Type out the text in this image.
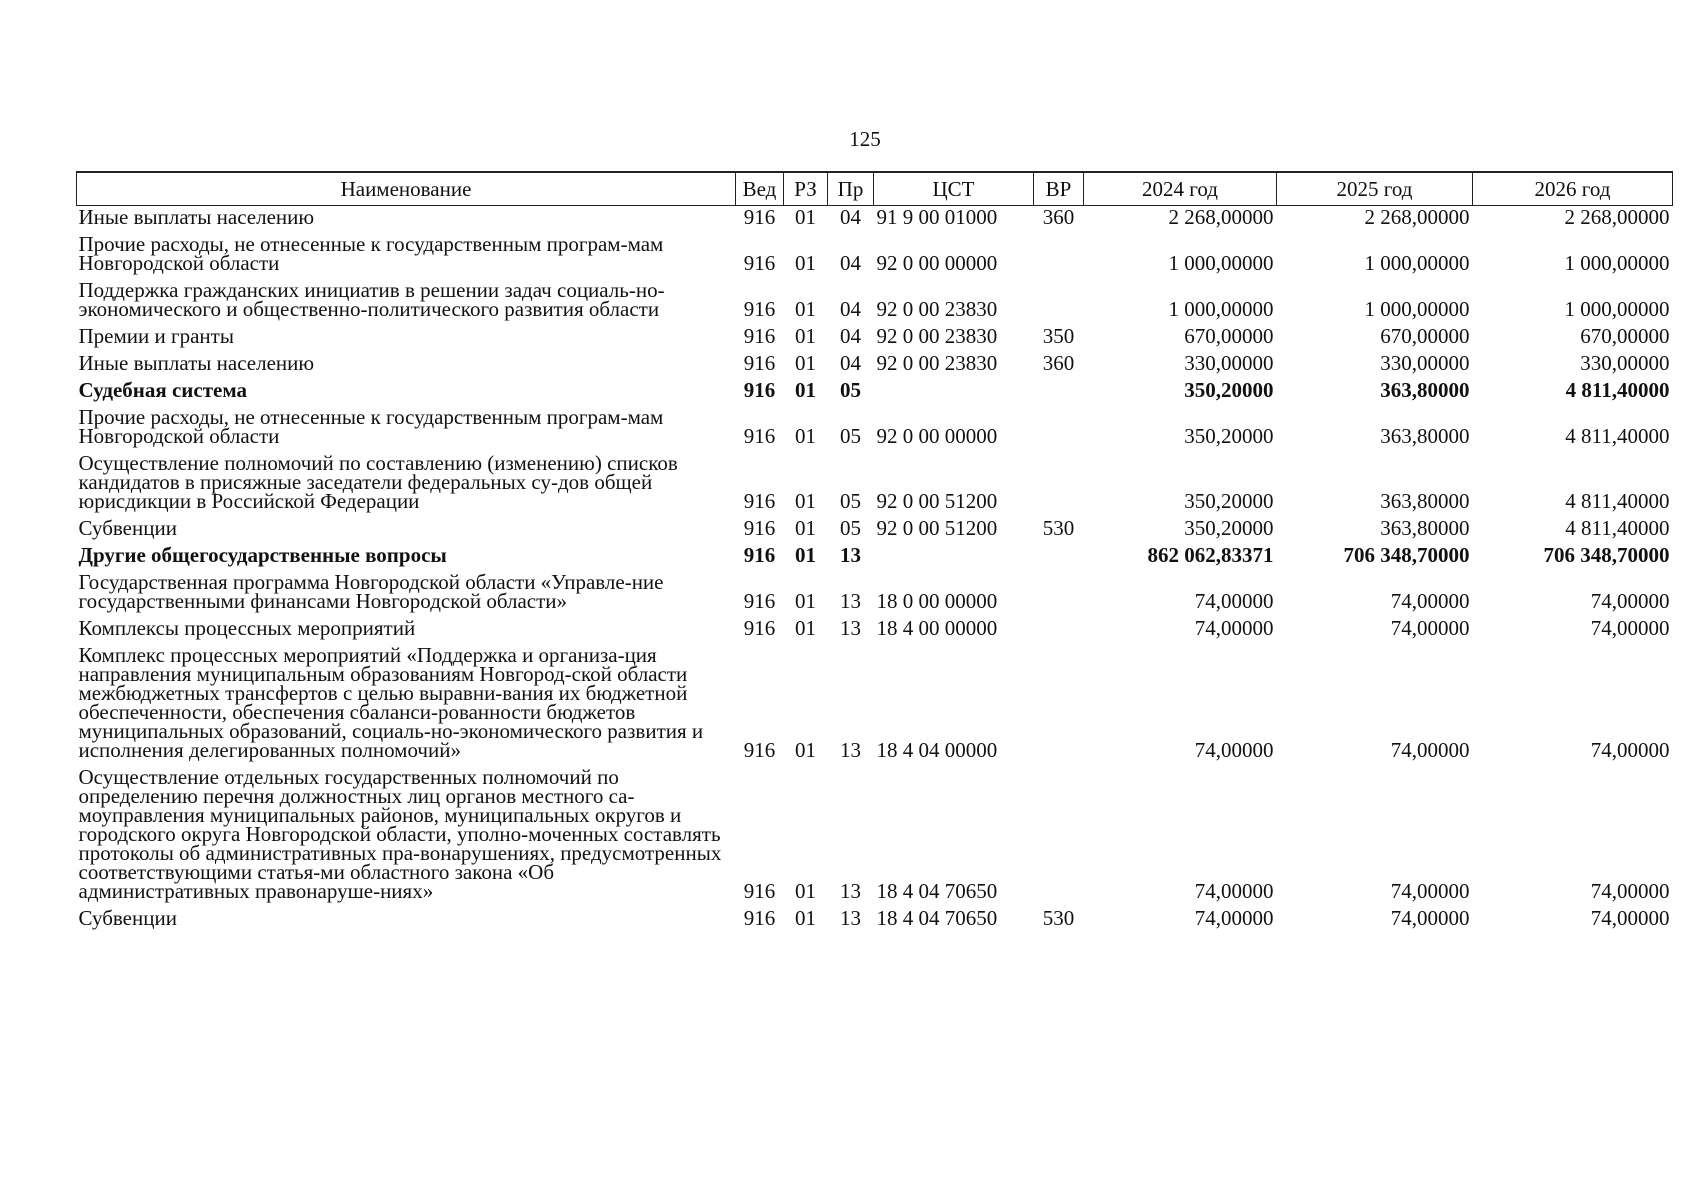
125
Наименование	Вед	РЗ	Пр	ЦСТ	ВР	2024 год	2025 год	2026 год
Иные выплаты населению	916	01	04	91 9 00 01000	360	2 268,00000	2 268,00000	2 268,00000
Прочие расходы, не отнесенные к государственным програм-мам Новгородской области	916	01	04	92 0 00 00000		1 000,00000	1 000,00000	1 000,00000
Поддержка гражданских инициатив в решении задач социаль-но-экономического и общественно-политического развития области	916	01	04	92 0 00 23830		1 000,00000	1 000,00000	1 000,00000
Премии и гранты	916	01	04	92 0 00 23830	350	670,00000	670,00000	670,00000
Иные выплаты населению	916	01	04	92 0 00 23830	360	330,00000	330,00000	330,00000
Судебная система	916	01	05			350,20000	363,80000	4 811,40000
Прочие расходы, не отнесенные к государственным програм-мам Новгородской области	916	01	05	92 0 00 00000		350,20000	363,80000	4 811,40000
Осуществление полномочий по составлению (изменению) списков кандидатов в присяжные заседатели федеральных су-дов общей юрисдикции в Российской Федерации	916	01	05	92 0 00 51200		350,20000	363,80000	4 811,40000
Субвенции	916	01	05	92 0 00 51200	530	350,20000	363,80000	4 811,40000
Другие общегосударственные вопросы	916	01	13			862 062,83371	706 348,70000	706 348,70000
Государственная программа Новгородской области «Управле-ние государственными финансами Новгородской области»	916	01	13	18 0 00 00000		74,00000	74,00000	74,00000
Комплексы процессных мероприятий	916	01	13	18 4 00 00000		74,00000	74,00000	74,00000
Комплекс процессных мероприятий «Поддержка и организа-ция направления муниципальным образованиям Новгород-ской области межбюджетных трансфертов с целью выравни-вания их бюджетной обеспеченности, обеспечения сбаланси-рованности бюджетов муниципальных образований, социаль-но-экономического развития и исполнения делегированных полномочий»	916	01	13	18 4 04 00000		74,00000	74,00000	74,00000
Осуществление отдельных государственных полномочий по определению перечня должностных лиц органов местного са-моуправления муниципальных районов, муниципальных округов и городского округа Новгородской области, уполно-моченных составлять протоколы об административных пра-вонарушениях, предусмотренных соответствующими статья-ми областного закона «Об административных правонаруше-ниях»	916	01	13	18 4 04 70650		74,00000	74,00000	74,00000
Субвенции	916	01	13	18 4 04 70650	530	74,00000	74,00000	74,00000
